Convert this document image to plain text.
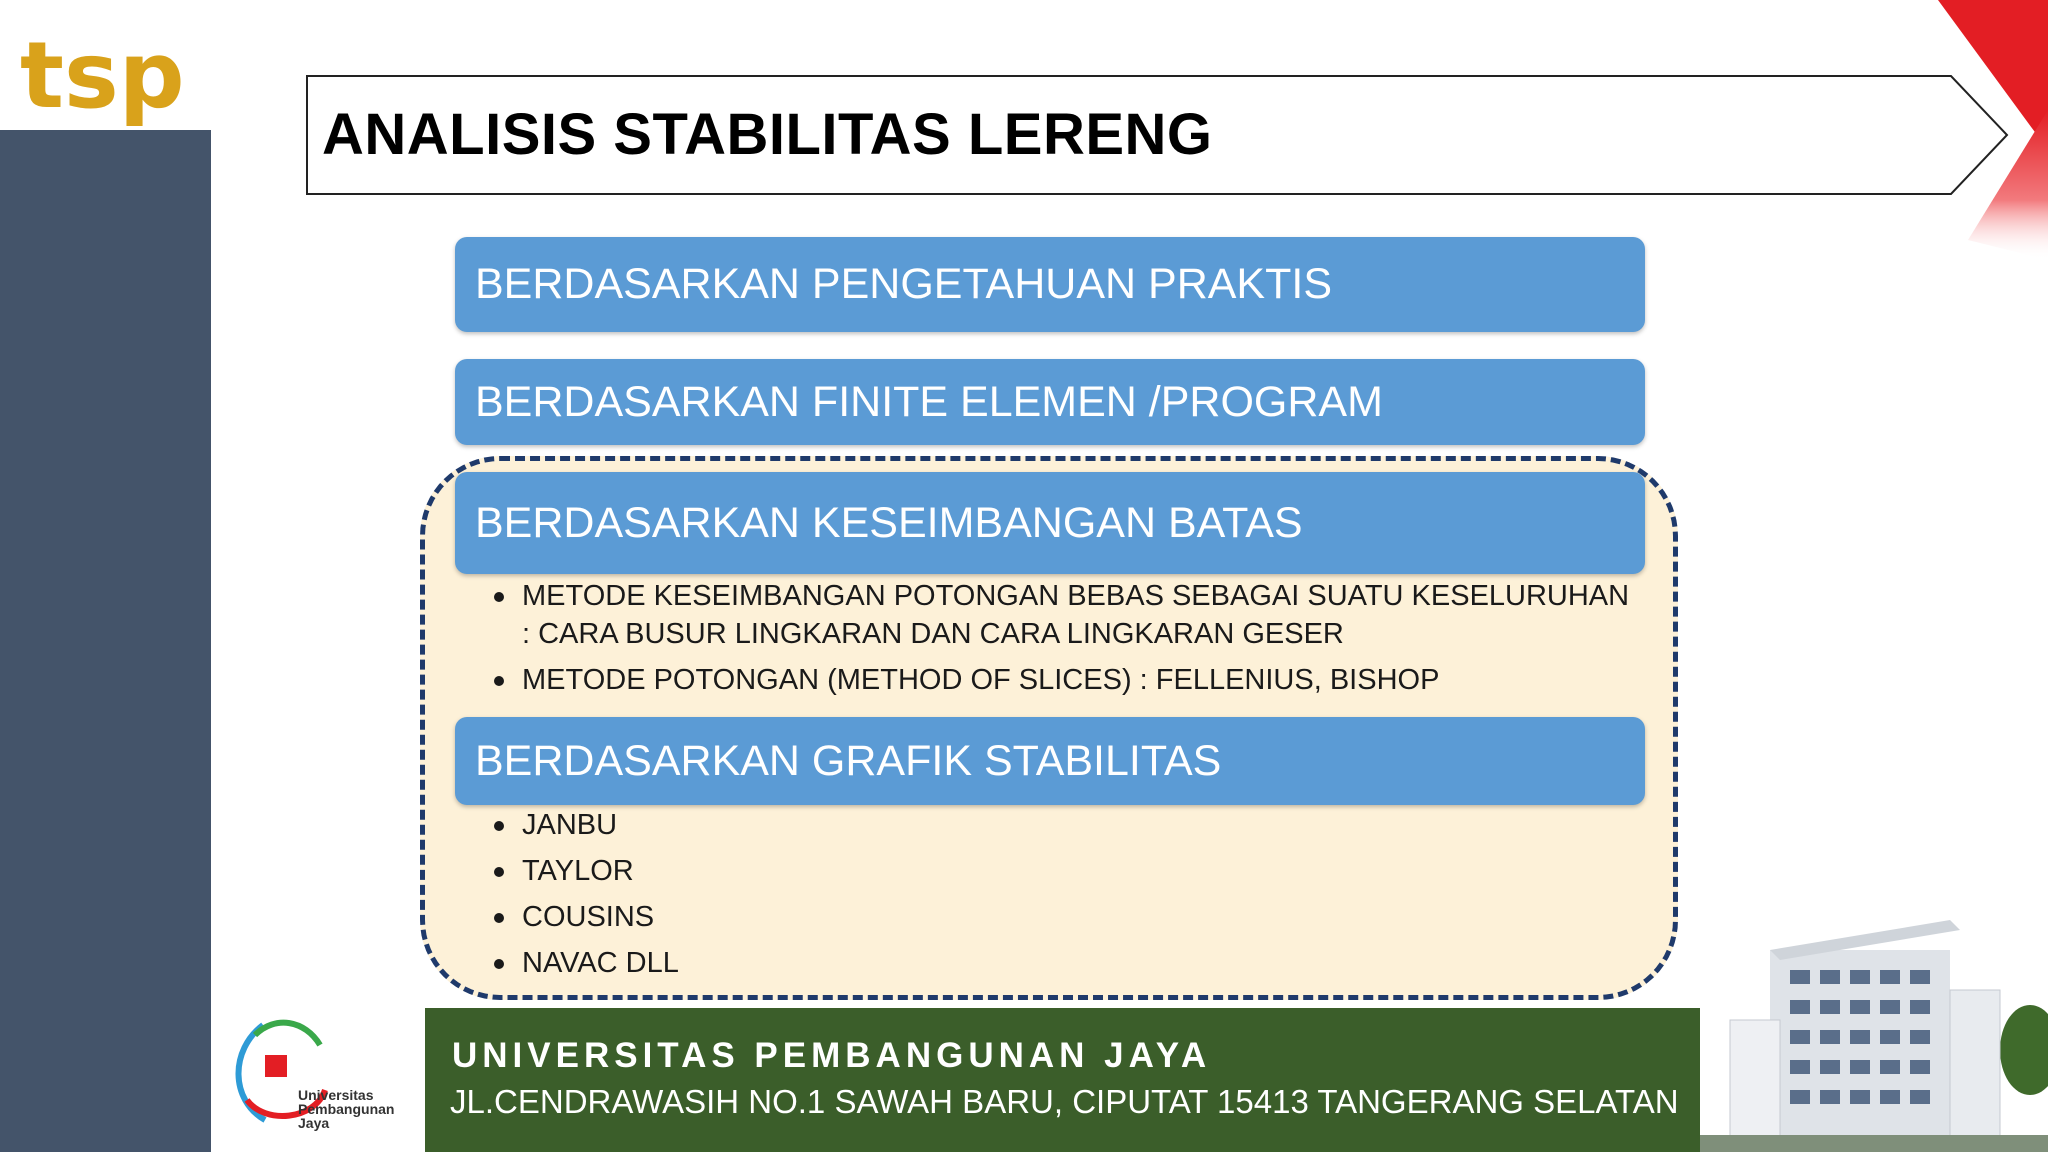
tsp
ANALISIS STABILITAS LERENG
BERDASARKAN PENGETAHUAN PRAKTIS
BERDASARKAN FINITE ELEMEN /PROGRAM
BERDASARKAN KESEIMBANGAN BATAS
BERDASARKAN GRAFIK STABILITAS
METODE KESEIMBANGAN POTONGAN BEBAS SEBAGAI SUATU KESELURUHAN : CARA BUSUR LINGKARAN DAN CARA LINGKARAN GESER
METODE POTONGAN (METHOD OF SLICES) : FELLENIUS, BISHOP
JANBU
TAYLOR
COUSINS
NAVAC DLL
UNIVERSITAS PEMBANGUNAN JAYA
JL.CENDRAWASIH NO.1 SAWAH BARU, CIPUTAT 15413 TANGERANG SELATAN
Universitas
Pembangunan
Jaya
